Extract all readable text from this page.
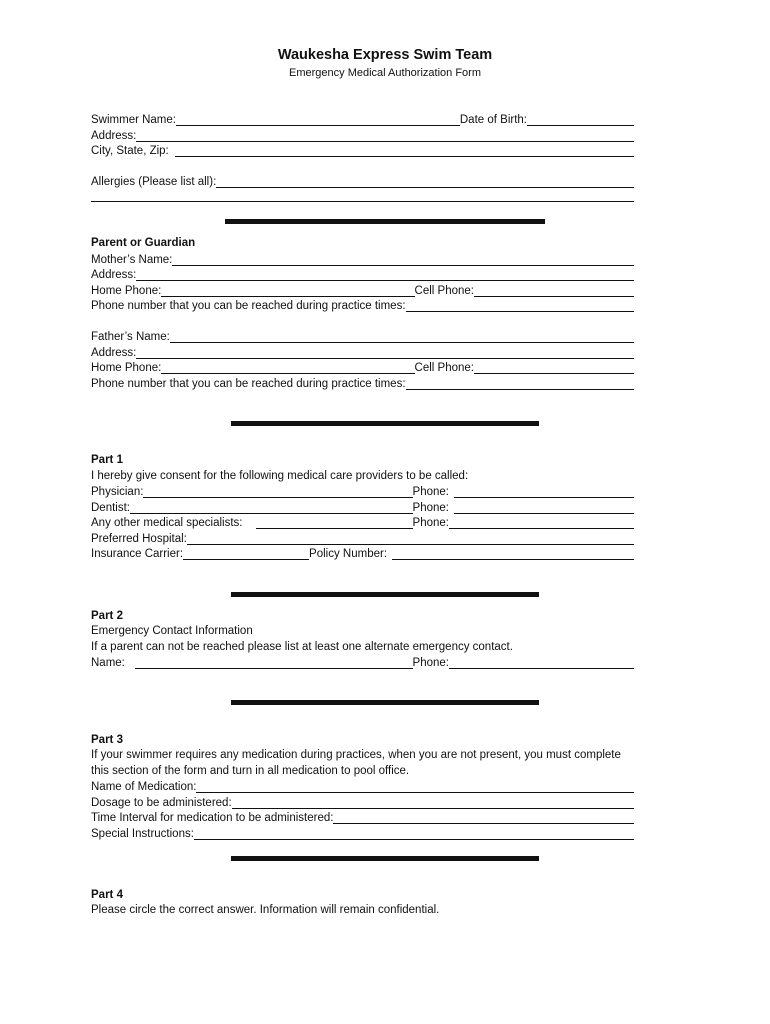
Waukesha Express Swim Team
Emergency Medical Authorization Form
Swimmer Name:	Date of Birth:
Address:
City, State, Zip:
Allergies (Please list all):
Parent or Guardian
Mother’s Name:
Address:
Home Phone:	Cell Phone:
Phone number that you can be reached during practice times:
Father’s Name:
Address:
Home Phone:	Cell Phone:
Phone number that you can be reached during practice times:
Part 1
I hereby give consent for the following medical care providers to be called:
Physician:	Phone:
Dentist:	Phone:
Any other medical specialists:	Phone:
Preferred Hospital:
Insurance Carrier:	Policy Number:
Part 2
Emergency Contact Information
If a parent can not be reached please list at least one alternate emergency contact.
Name:	Phone:
Part 3
If your swimmer requires any medication during practices, when you are not present, you must complete
this section of the form and turn in all medication to pool office.
Name of Medication:
Dosage to be administered:
Time Interval for medication to be administered:
Special Instructions:
Part 4
Please circle the correct answer. Information will remain confidential.
